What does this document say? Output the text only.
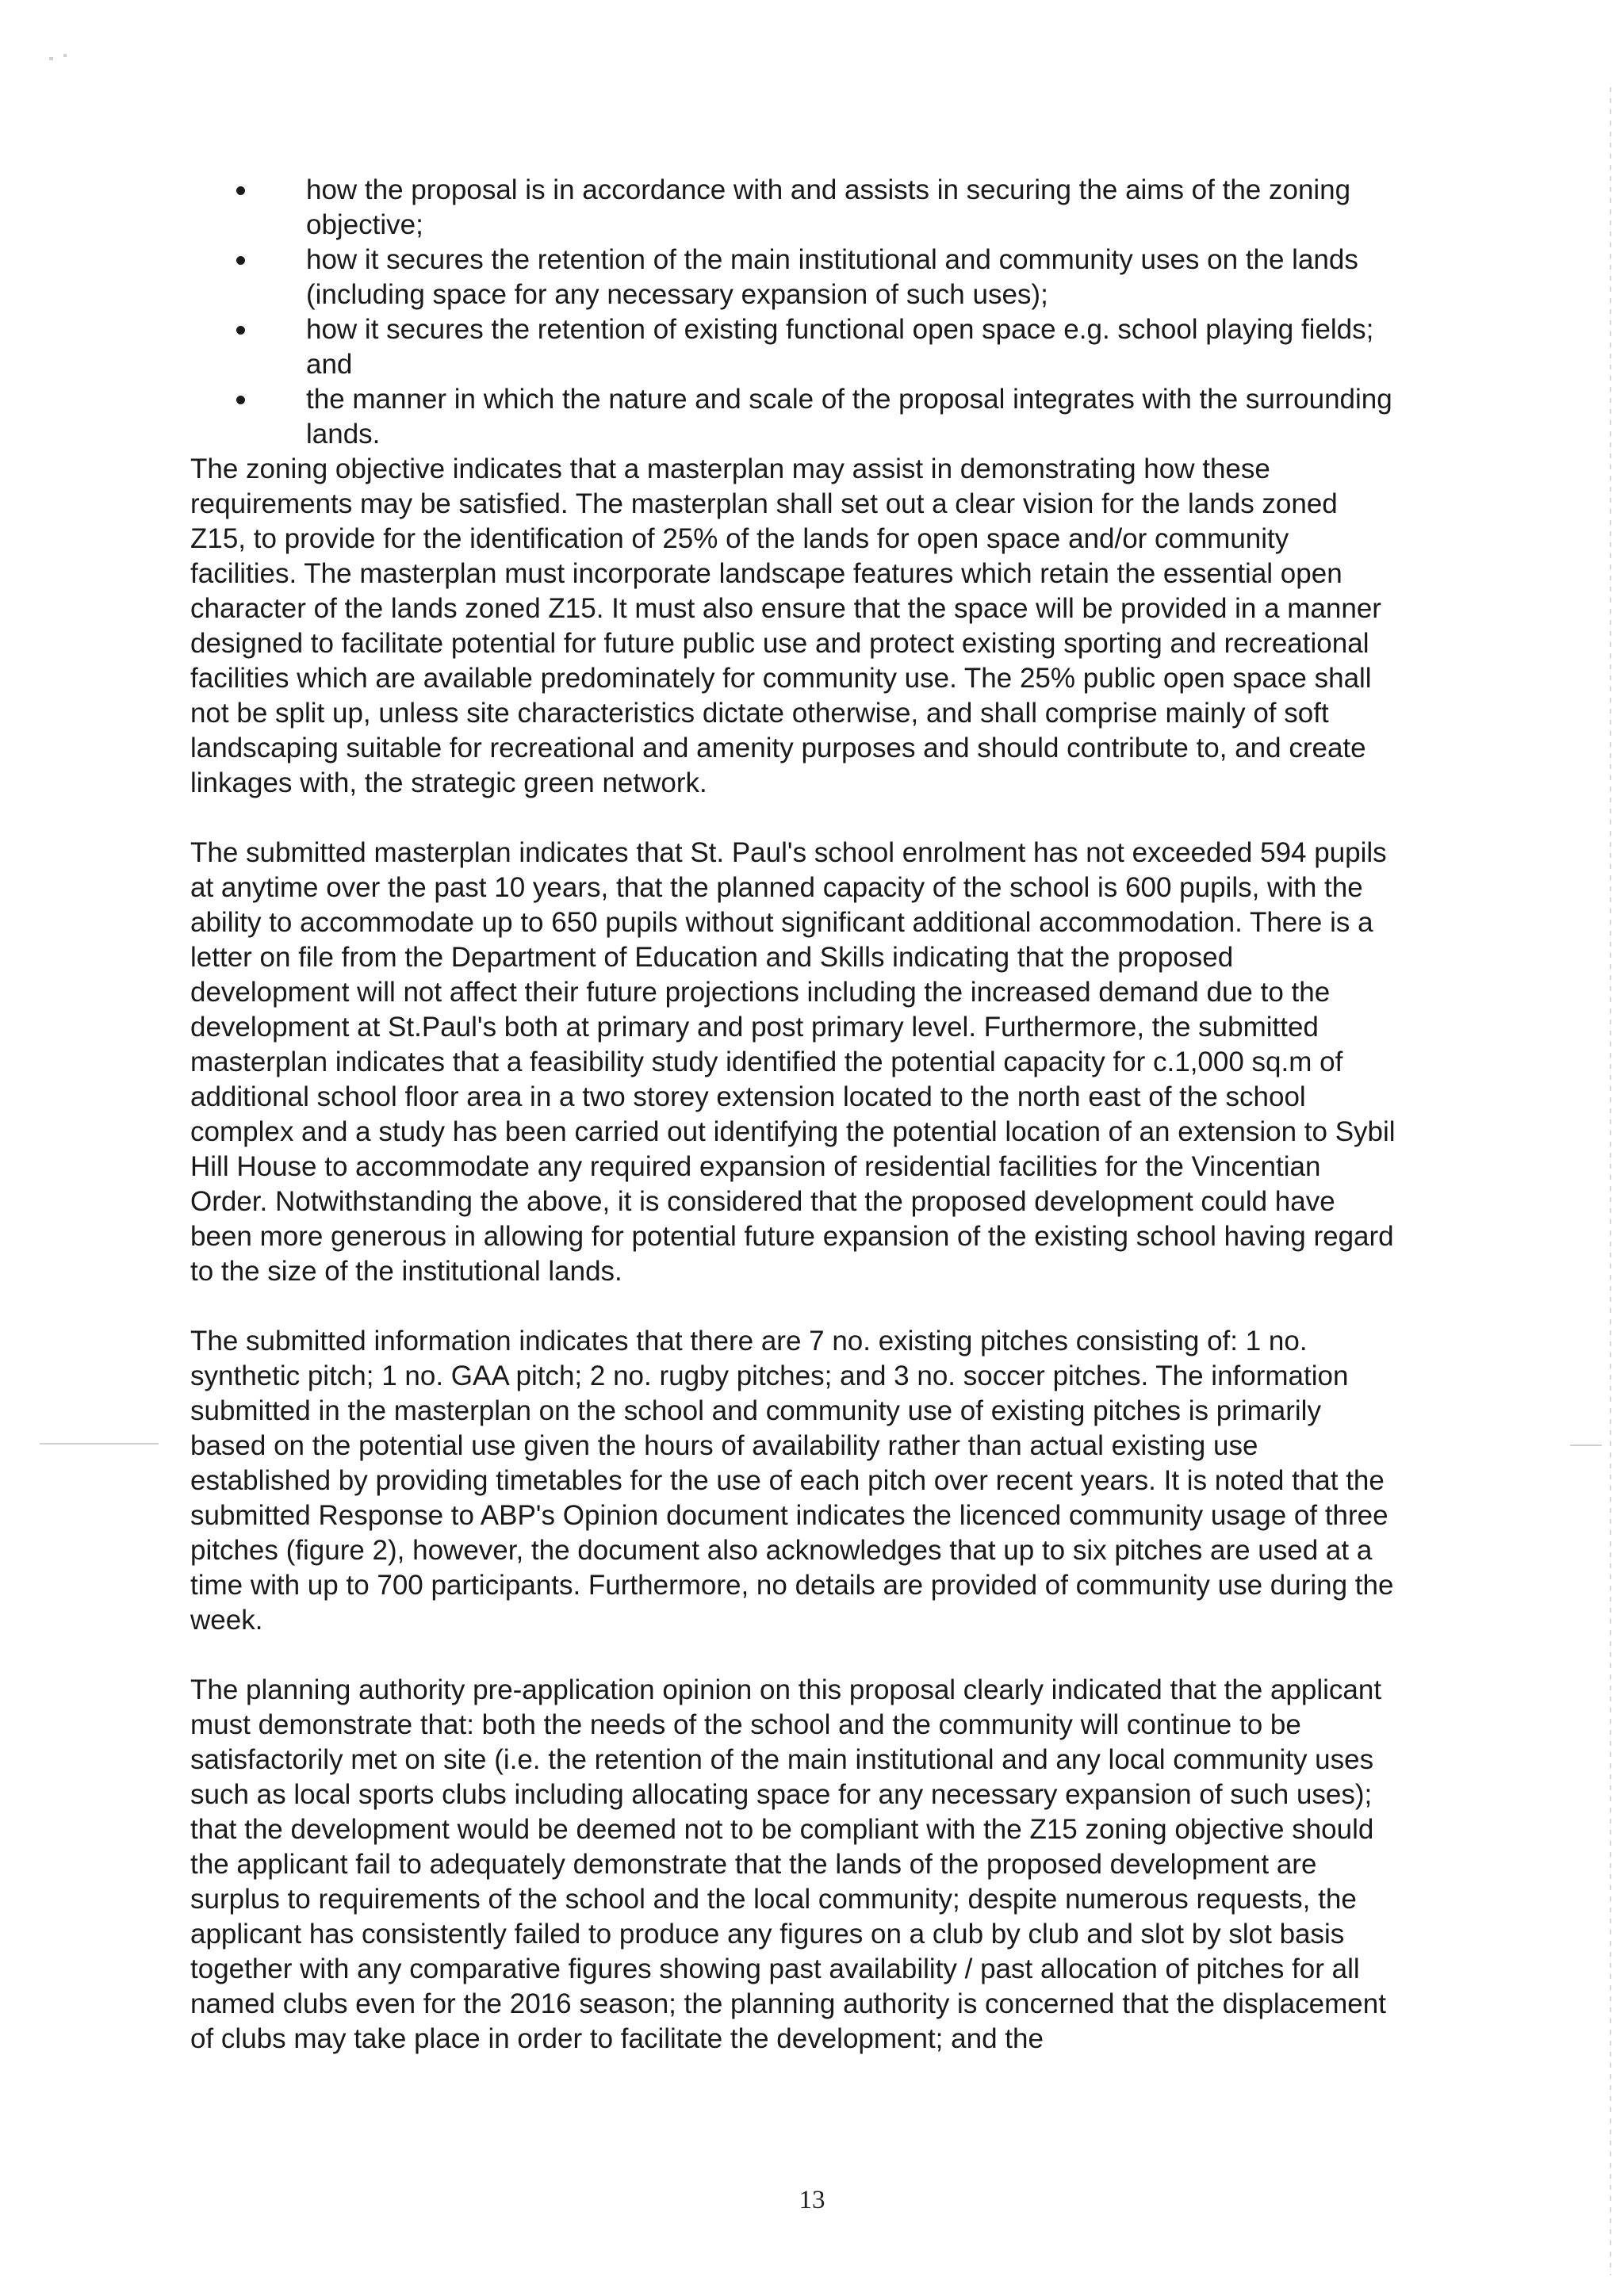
how the proposal is in accordance with and assists in securing the aims of the zoning objective;
how it secures the retention of the main institutional and community uses on the lands (including space for any necessary expansion of such uses);
how it secures the retention of existing functional open space e.g. school playing fields; and
the manner in which the nature and scale of the proposal integrates with the surrounding lands.

The zoning objective indicates that a masterplan may assist in demonstrating how these requirements may be satisfied. The masterplan shall set out a clear vision for the lands zoned Z15, to provide for the identification of 25% of the lands for open space and/or community facilities. The masterplan must incorporate landscape features which retain the essential open character of the lands zoned Z15. It must also ensure that the space will be provided in a manner designed to facilitate potential for future public use and protect existing sporting and recreational facilities which are available predominately for community use. The 25% public open space shall not be split up, unless site characteristics dictate otherwise, and shall comprise mainly of soft landscaping suitable for recreational and amenity purposes and should contribute to, and create linkages with, the strategic green network.

The submitted masterplan indicates that St. Paul's school enrolment has not exceeded 594 pupils at anytime over the past 10 years, that the planned capacity of the school is 600 pupils, with the ability to accommodate up to 650 pupils without significant additional accommodation. There is a letter on file from the Department of Education and Skills indicating that the proposed development will not affect their future projections including the increased demand due to the development at St.Paul's both at primary and post primary level. Furthermore, the submitted masterplan indicates that a feasibility study identified the potential capacity for c.1,000 sq.m of additional school floor area in a two storey extension located to the north east of the school complex and a study has been carried out identifying the potential location of an extension to Sybil Hill House to accommodate any required expansion of residential facilities for the Vincentian Order. Notwithstanding the above, it is considered that the proposed development could have been more generous in allowing for potential future expansion of the existing school having regard to the size of the institutional lands.

The submitted information indicates that there are 7 no. existing pitches consisting of: 1 no. synthetic pitch; 1 no. GAA pitch; 2 no. rugby pitches; and 3 no. soccer pitches. The information submitted in the masterplan on the school and community use of existing pitches is primarily based on the potential use given the hours of availability rather than actual existing use established by providing timetables for the use of each pitch over recent years. It is noted that the submitted Response to ABP's Opinion document indicates the licenced community usage of three pitches (figure 2), however, the document also acknowledges that up to six pitches are used at a time with up to 700 participants. Furthermore, no details are provided of community use during the week.

The planning authority pre-application opinion on this proposal clearly indicated that the applicant must demonstrate that: both the needs of the school and the community will continue to be satisfactorily met on site (i.e. the retention of the main institutional and any local community uses such as local sports clubs including allocating space for any necessary expansion of such uses); that the development would be deemed not to be compliant with the Z15 zoning objective should the applicant fail to adequately demonstrate that the lands of the proposed development are surplus to requirements of the school and the local community; despite numerous requests, the applicant has consistently failed to produce any figures on a club by club and slot by slot basis together with any comparative figures showing past availability / past allocation of pitches for all named clubs even for the 2016 season; the planning authority is concerned that the displacement of clubs may take place in order to facilitate the development; and the

13
